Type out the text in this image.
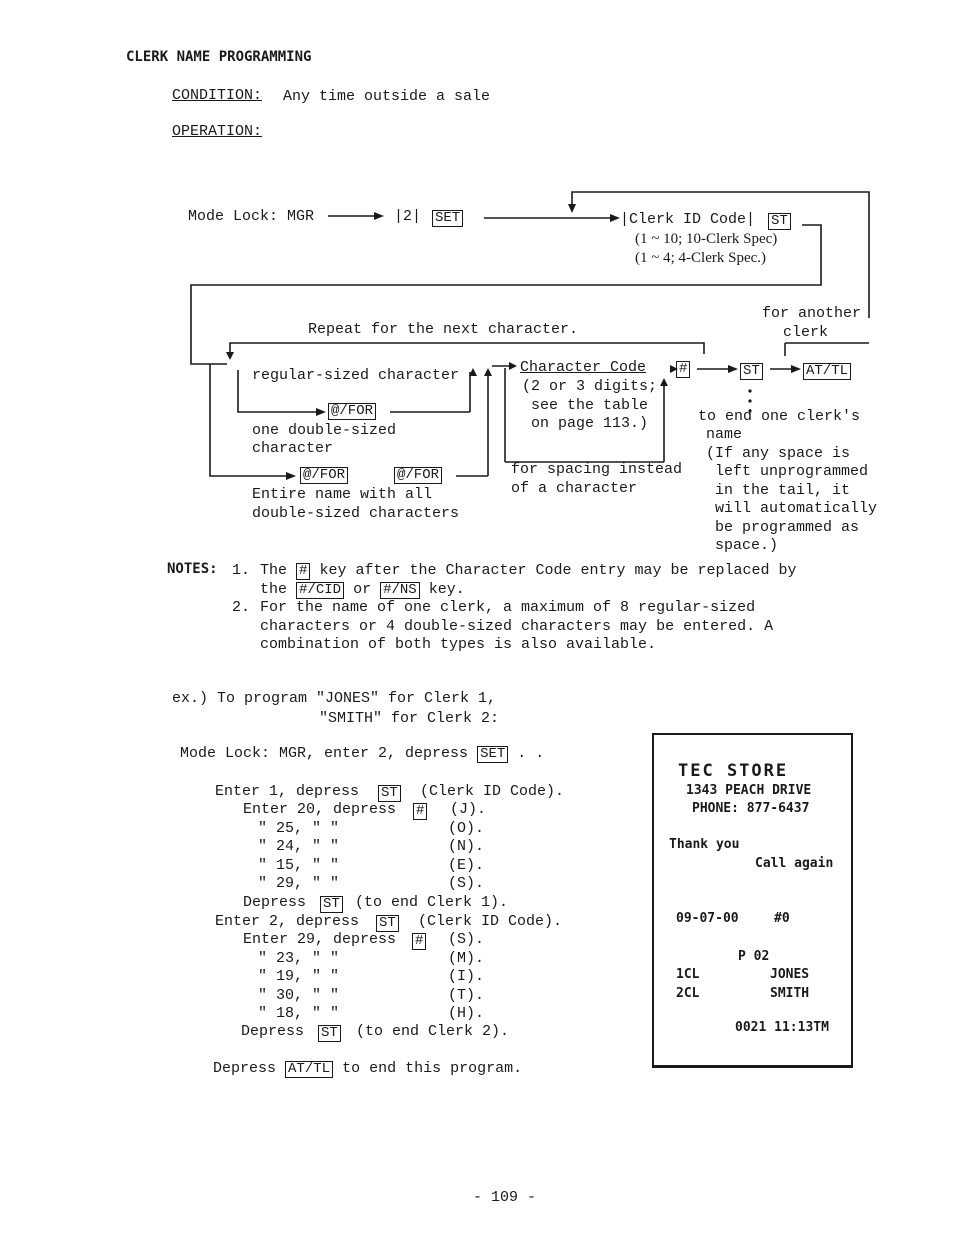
CLERK NAME PROGRAMMING
CONDITION: Any time outside a sale
OPERATION:
Mode Lock: MGR	|2| SET	|Clerk ID Code| ST
(1 ~ 10; 10-Clerk Spec)
(1 ~ 4; 4-Clerk Spec.)
for another
clerk
Repeat for the next character.
regular-sized character
@/FOR
one double-sized
character
@/FOR	@/FOR
Entire name with all
double-sized characters
Character Code #
(2 or 3 digits;
see the table
on page 113.)
for spacing instead
of a character
ST	AT/TL
to end one clerk's
name
(If any space is
left unprogrammed
in the tail, it
will automatically
be programmed as
space.)
NOTES: 1. The # key after the Character Code entry may be replaced by
the #/CID or #/NS key.
2. For the name of one clerk, a maximum of 8 regular-sized
characters or 4 double-sized characters may be entered. A
combination of both types is also available.
ex.) To program "JONES" for Clerk 1,
"SMITH" for Clerk 2:
Mode Lock: MGR, enter 2, depress SET . .
Enter 1, depress ST (Clerk ID Code).
Enter 20, depress # (J).
" 25, " "	(O).
" 24, " "	(N).
" 15, " "	(E).
" 29, " "	(S).
Depress ST (to end Clerk 1).
Enter 2, depress ST (Clerk ID Code).
Enter 29, depress # (S).
" 23, " "	(M).
" 19, " "	(I).
" 30, " "	(T).
" 18, " "	(H).
Depress ST (to end Clerk 2).
Depress AT/TL to end this program.
TEC STORE
1343 PEACH DRIVE
PHONE: 877-6437
Thank you
Call again
09-07-00	#0
P 02
1CL	JONES
2CL	SMITH
0021 11:13TM
- 109 -
